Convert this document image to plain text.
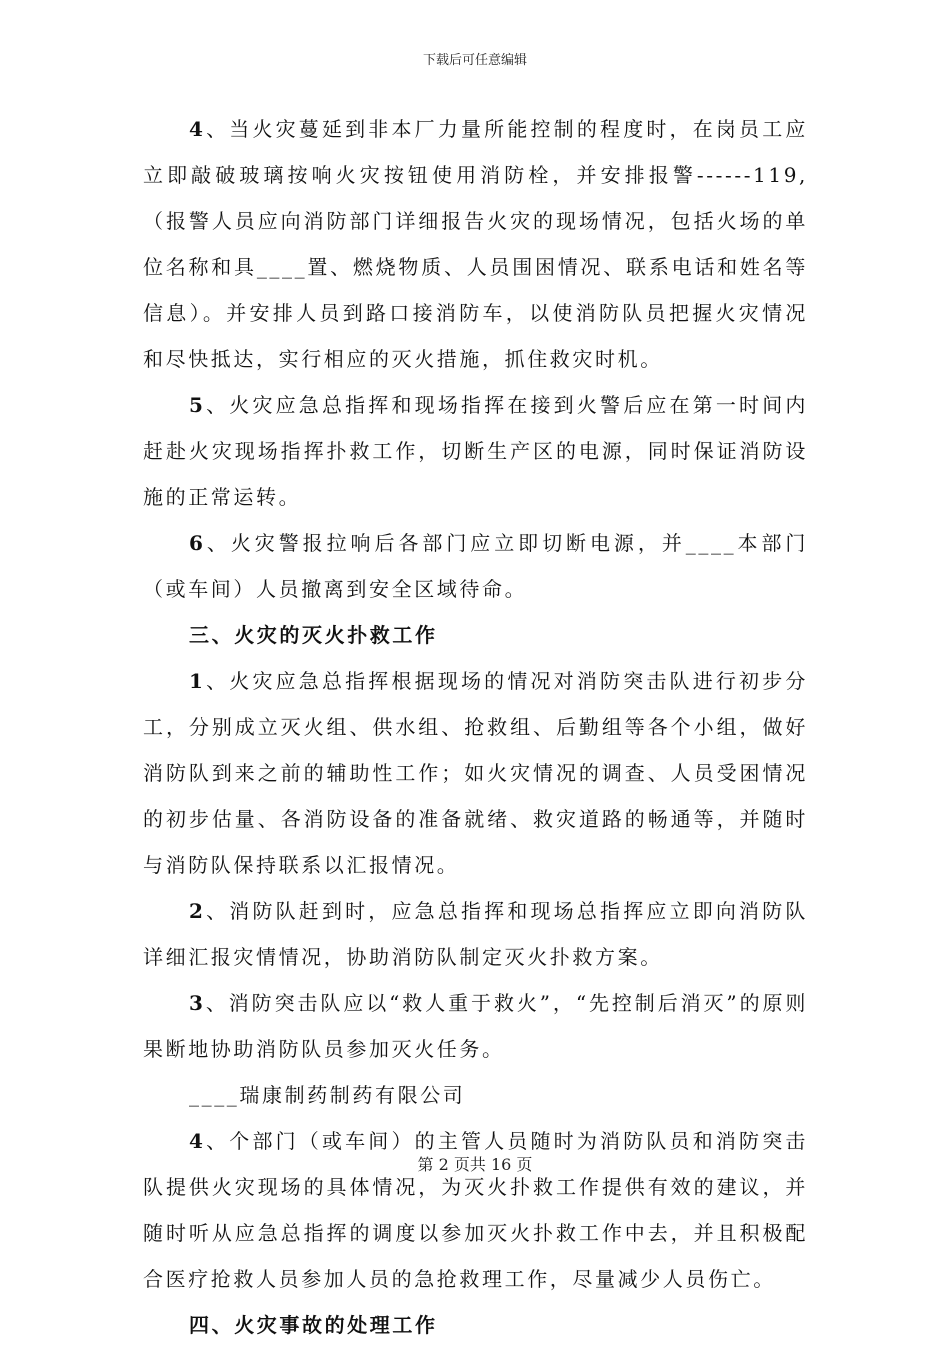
下载后可任意编辑

4、当火灾蔓延到非本厂力量所能控制的程度时，在岗员工应立即敲破玻璃按响火灾按钮使用消防栓，并安排报警------119,（报警人员应向消防部门详细报告火灾的现场情况，包括火场的单位名称和具____置、燃烧物质、人员围困情况、联系电话和姓名等信息）。并安排人员到路口接消防车，以使消防队员把握火灾情况和尽快抵达，实行相应的灭火措施，抓住救灾时机。

5、火灾应急总指挥和现场指挥在接到火警后应在第一时间内赶赴火灾现场指挥扑救工作，切断生产区的电源，同时保证消防设施的正常运转。

6、火灾警报拉响后各部门应立即切断电源，并____本部门（或车间）人员撤离到安全区域待命。

三、火灾的灭火扑救工作

1、火灾应急总指挥根据现场的情况对消防突击队进行初步分工，分别成立灭火组、供水组、抢救组、后勤组等各个小组，做好消防队到来之前的辅助性工作；如火灾情况的调查、人员受困情况的初步估量、各消防设备的准备就绪、救灾道路的畅通等，并随时与消防队保持联系以汇报情况。

2、消防队赶到时，应急总指挥和现场总指挥应立即向消防队详细汇报灾情情况，协助消防队制定灭火扑救方案。

3、消防突击队应以“救人重于救火”，“先控制后消灭”的原则果断地协助消防队员参加灭火任务。

____瑞康制药制药有限公司

4、个部门（或车间）的主管人员随时为消防队员和消防突击队提供火灾现场的具体情况，为灭火扑救工作提供有效的建议，并随时听从应急总指挥的调度以参加灭火扑救工作中去，并且积极配合医疗抢救人员参加人员的急抢救理工作，尽量减少人员伤亡。

四、火灾事故的处理工作

第 2 页共 16 页
